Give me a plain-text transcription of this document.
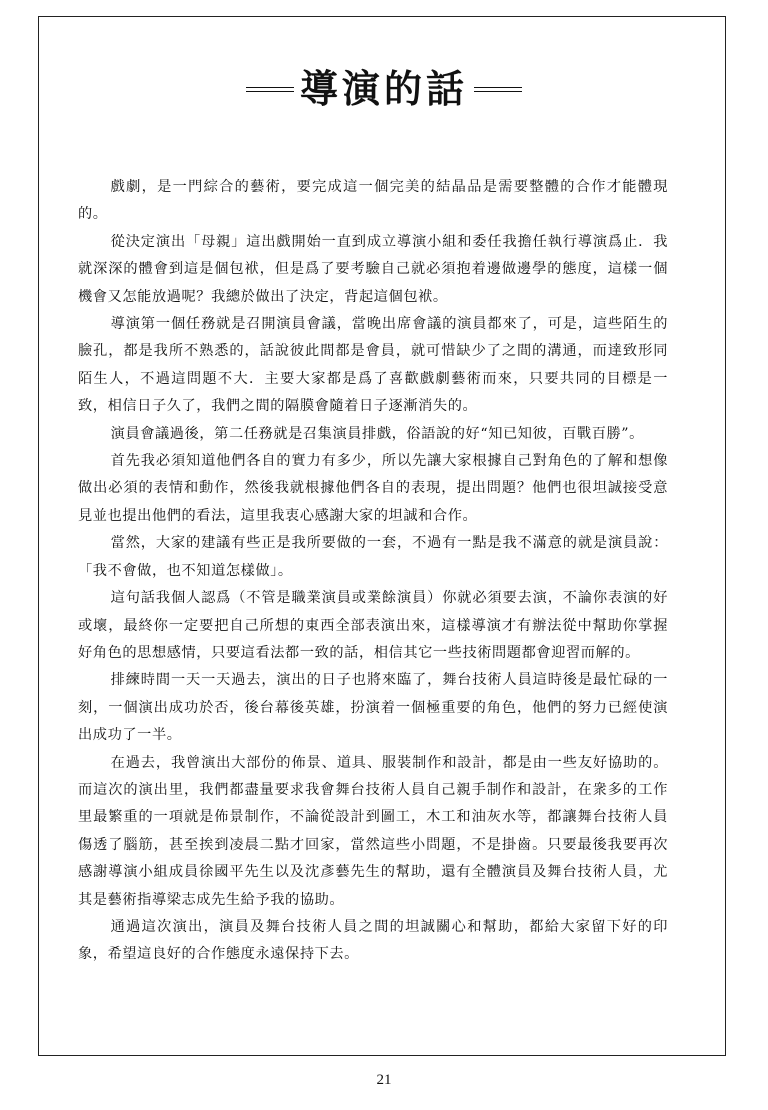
導演的話

戲劇，是一門綜合的藝術，要完成這一個完美的結晶品是需要整體的合作才能體現的。

從決定演出「母親」這出戲開始一直到成立導演小組和委任我擔任執行導演爲止．我就深深的體會到這是個包袱，但是爲了要考驗自己就必須抱着邊做邊學的態度，這樣一個機會又怎能放過呢？我總於做出了決定，背起這個包袱。

導演第一個任務就是召開演員會議，當晚出席會議的演員都來了，可是，這些陌生的臉孔，都是我所不熟悉的，話說彼此間都是會員，就可惜缺少了之間的溝通，而達致形同陌生人，不過這問題不大．主要大家都是爲了喜歡戲劇藝術而來，只要共同的目標是一致，相信日子久了，我們之間的隔膜會隨着日子逐漸消失的。

演員會議過後，第二任務就是召集演員排戲，俗語說的好“知已知彼，百戰百勝”。

首先我必須知道他們各自的實力有多少，所以先讓大家根據自己對角色的了解和想像做出必須的表情和動作，然後我就根據他們各自的表現，提出問題？他們也很坦誠接受意見並也提出他們的看法，這里我衷心感謝大家的坦誠和合作。

當然，大家的建議有些正是我所要做的一套，不過有一點是我不滿意的就是演員說：「我不會做，也不知道怎樣做」。

這句話我個人認爲（不管是職業演員或業餘演員）你就必須要去演，不論你表演的好或壞，最終你一定要把自己所想的東西全部表演出來，這樣導演才有辦法從中幫助你掌握好角色的思想感情，只要這看法都一致的話，相信其它一些技術問題都會迎習而解的。

排練時間一天一天過去，演出的日子也將來臨了，舞台技術人員這時後是最忙碌的一刻，一個演出成功於否，後台幕後英雄，扮演着一個極重要的角色，他們的努力已經使演出成功了一半。

在過去，我曾演出大部份的佈景、道具、服裝制作和設計，都是由一些友好協助的。而這次的演出里，我們都盡量要求我會舞台技術人員自己親手制作和設計，在衆多的工作里最繁重的一項就是佈景制作，不論從設計到圖工，木工和油灰水等，都讓舞台技術人員傷透了腦筋，甚至挨到凌晨二點才回家，當然這些小問題，不是掛齒。只要最後我要再次感謝導演小組成員徐國平先生以及沈彥藝先生的幫助，還有全體演員及舞台技術人員，尤其是藝術指導梁志成先生給予我的協助。

通過這次演出，演員及舞台技術人員之間的坦誠關心和幫助，都給大家留下好的印象，希望這良好的合作態度永遠保持下去。

21
